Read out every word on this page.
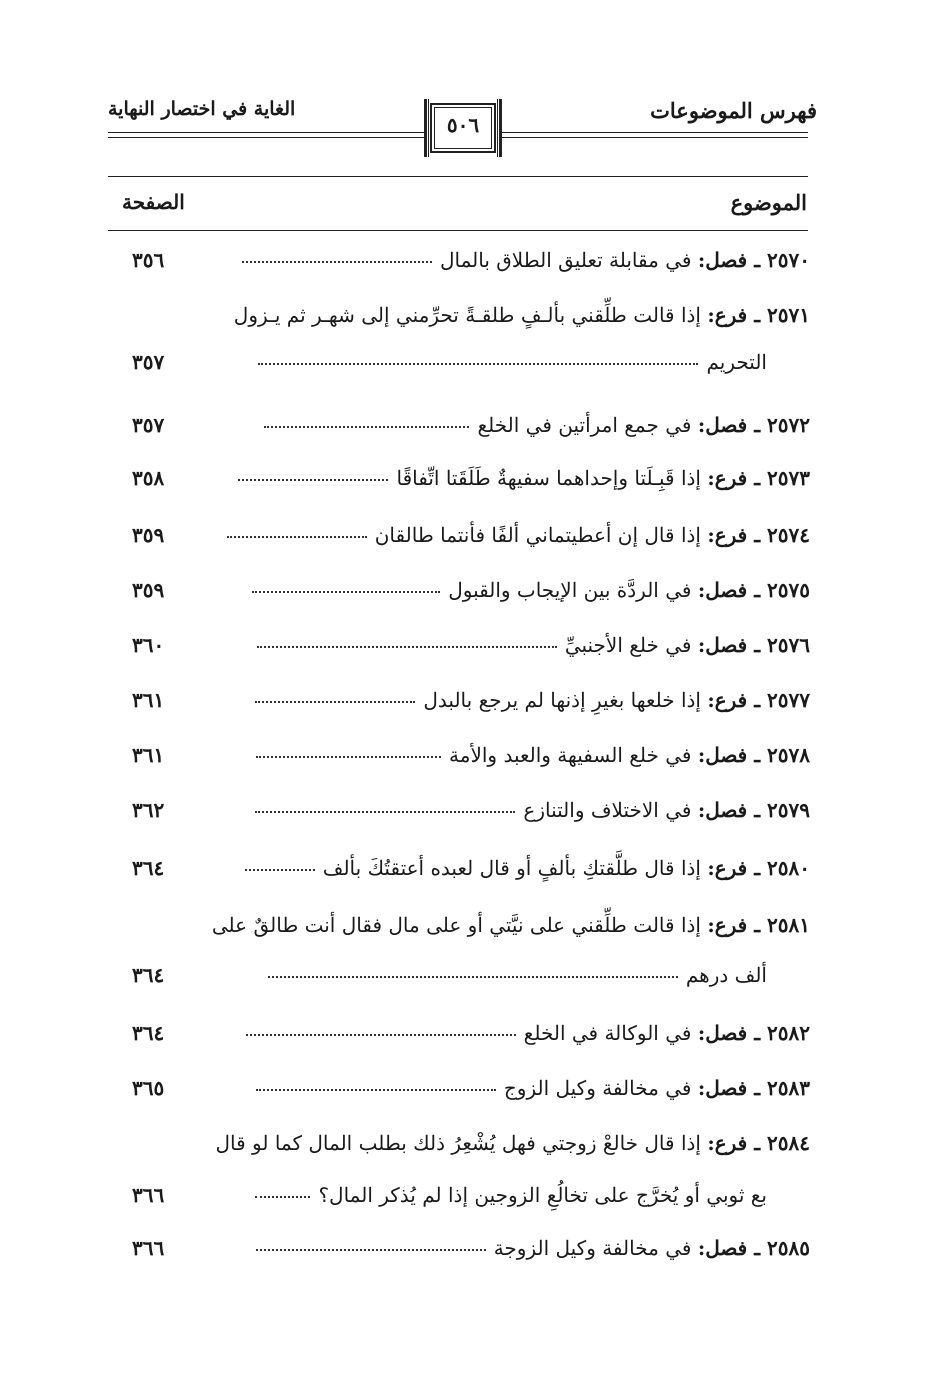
فهرس الموضوعات
الغاية في اختصار النهاية
٥٠٦
الموضوع
الصفحة
٢٥٧٠ ـ فصل: في مقابلة تعليق الطلاق بالمال
٣٥٦
٢٥٧١ ـ فرع: إذا قالت طلِّقني بألـفٍ طلقـةً تحرِّمني إلى شهـر ثم يـزول
التحريم
٣٥٧
٢٥٧٢ ـ فصل: في جمع امرأتين في الخلع
٣٥٧
٢٥٧٣ ـ فرع: إذا قَبِـلَتا وإحداهما سفيهةٌ طَلَقَتا اتِّفاقًا
٣٥٨
٢٥٧٤ ـ فرع: إذا قال إن أعطيتماني ألفًا فأنتما طالقان
٣٥٩
٢٥٧٥ ـ فصل: في الردَّة بين الإيجاب والقبول
٣٥٩
٢٥٧٦ ـ فصل: في خلع الأجنبيِّ
٣٦٠
٢٥٧٧ ـ فرع: إذا خلعها بغيرِ إذنها لم يرجع بالبدل
٣٦١
٢٥٧٨ ـ فصل: في خلع السفيهة والعبد والأمة
٣٦١
٢٥٧٩ ـ فصل: في الاختلاف والتنازع
٣٦٢
٢٥٨٠ ـ فرع: إذا قال طلَّقتكِ بألفٍ أو قال لعبده أعتقتُكَ بألف
٣٦٤
٢٥٨١ ـ فرع: إذا قالت طلِّقني على نيَّتي أو على مال فقال أنت طالقٌ على
ألف درهم
٣٦٤
٢٥٨٢ ـ فصل: في الوكالة في الخلع
٣٦٤
٢٥٨٣ ـ فصل: في مخالفة وكيل الزوج
٣٦٥
٢٥٨٤ ـ فرع: إذا قال خالعْ زوجتي فهل يُشْعِرُ ذلك بطلب المال كما لو قال
بع ثوبي أو يُخرَّج على تخالُعِ الزوجين إذا لم يُذكر المال؟
٣٦٦
٢٥٨٥ ـ فصل: في مخالفة وكيل الزوجة
٣٦٦
